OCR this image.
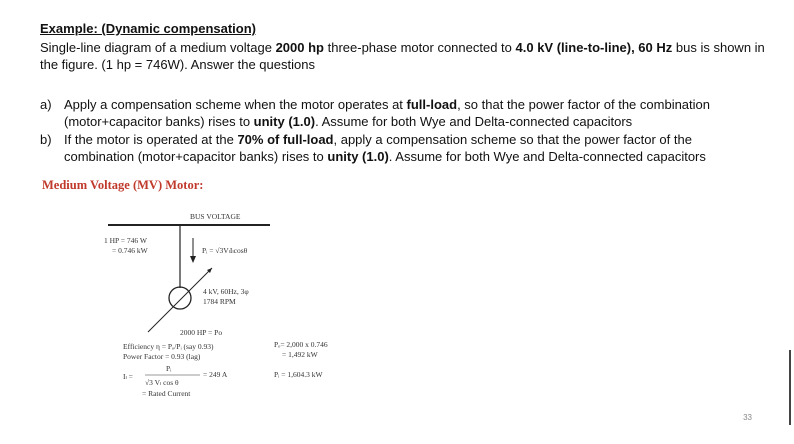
Example: (Dynamic compensation)
Single-line diagram of a medium voltage 2000 hp three-phase motor connected to 4.0 kV (line-to-line), 60 Hz bus is shown in the figure. (1 hp = 746W). Answer the questions
a) Apply a compensation scheme when the motor operates at full-load, so that the power factor of the combination (motor+capacitor banks) rises to unity (1.0). Assume for both Wye and Delta-connected capacitors
b) If the motor is operated at the 70% of full-load, apply a compensation scheme so that the power factor of the combination (motor+capacitor banks) rises to unity (1.0). Assume for both Wye and Delta-connected capacitors
Medium Voltage (MV) Motor:
BUS VOLTAGE
1 HP = 746 W
= 0.746 kW	Pᵢ = √3VₗIₗcosθ
4 kV, 60Hz, 3φ
1784 RPM
2000 HP = Po
Efficiency η = Pₒ/Pᵢ (say 0.93)
Power Factor = 0.93 (lag)
Iₗ =
Pᵢ
√3 Vₗ cos θ
= 249 A
= Rated Current
Pₒ= 2,000 x 0.746
= 1,492 kW
Pᵢ = 1,604.3 kW
33
